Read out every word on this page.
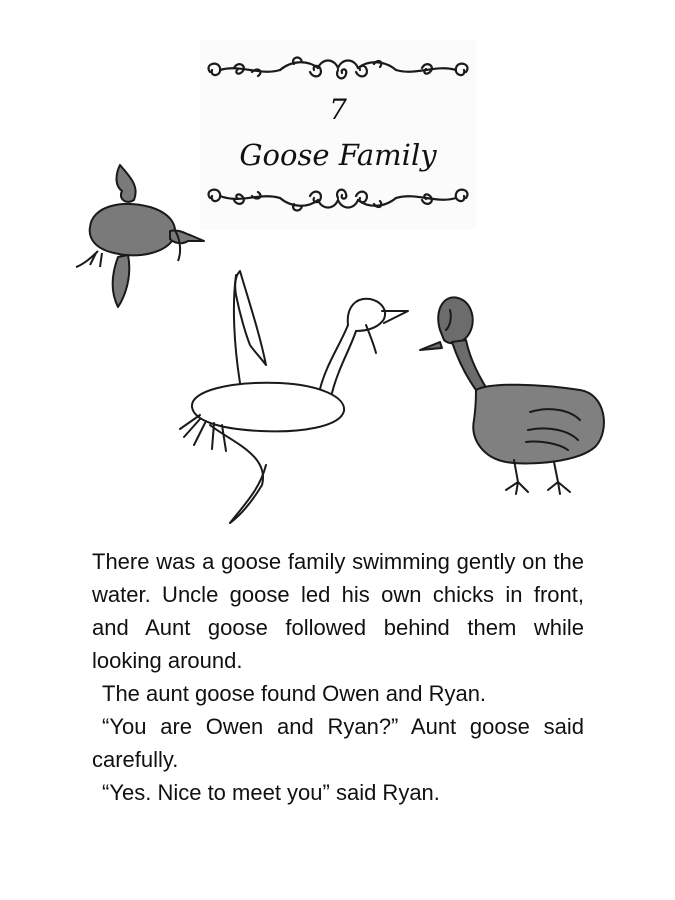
7
Goose Family

There was a goose family swimming gently on the water. Uncle goose led his own chicks in front, and Aunt goose followed behind them while looking around.

The aunt goose found Owen and Ryan.

“You are Owen and Ryan?” Aunt goose said carefully.

“Yes. Nice to meet you” said Ryan.
